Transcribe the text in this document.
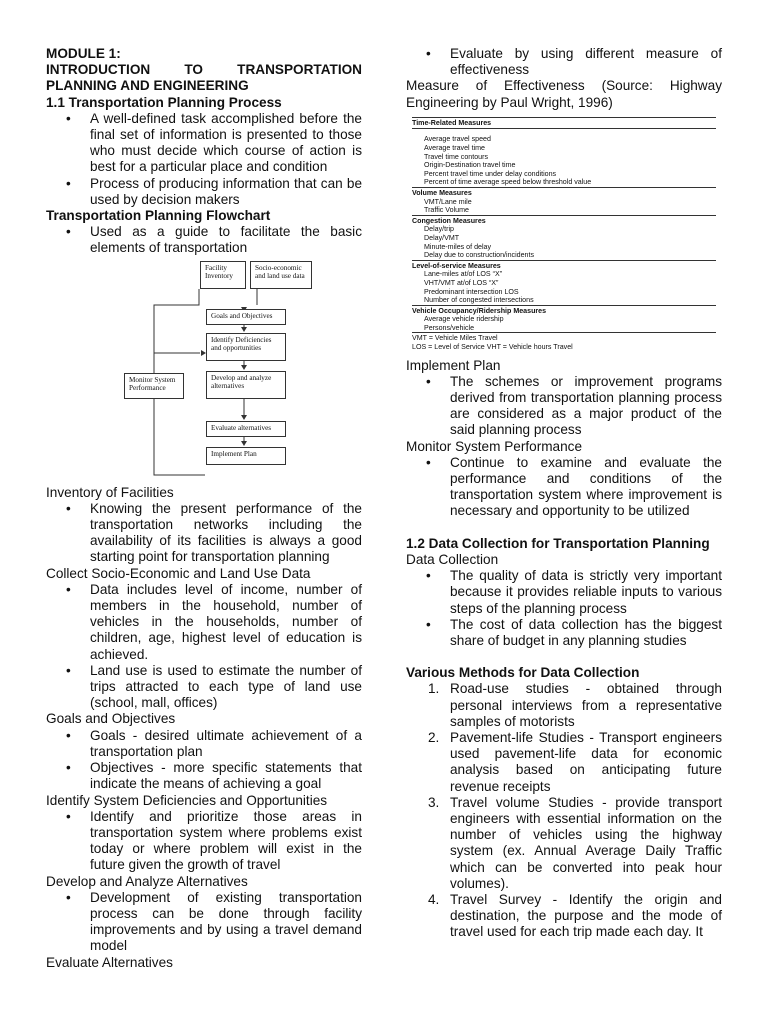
MODULE 1:
INTRODUCTION TO TRANSPORTATION
PLANNING AND ENGINEERING
1.1 Transportation Planning Process
• A well-defined task accomplished before the final set of information is presented to those who must decide which course of action is best for a particular place and condition
• Process of producing information that can be used by decision makers
Transportation Planning Flowchart
• Used as a guide to facilitate the basic elements of transportation
Facility Inventory
Socio-economic and land use data
Goals and Objectives
Identify Deficiencies and opportunities
Develop and analyze alternatives
Evaluate alternatives
Implement Plan
Monitor System Performance
Inventory of Facilities
• Knowing the present performance of the transportation networks including the availability of its facilities is always a good starting point for transportation planning
Collect Socio-Economic and Land Use Data
• Data includes level of income, number of members in the household, number of vehicles in the households, number of children, age, highest level of education is achieved.
• Land use is used to estimate the number of trips attracted to each type of land use (school, mall, offices)
Goals and Objectives
• Goals - desired ultimate achievement of a transportation plan
• Objectives - more specific statements that indicate the means of achieving a goal
Identify System Deficiencies and Opportunities
• Identify and prioritize those areas in transportation system where problems exist today or where problem will exist in the future given the growth of travel
Develop and Analyze Alternatives
• Development of existing transportation process can be done through facility improvements and by using a travel demand model
Evaluate Alternatives
• Evaluate by using different measure of effectiveness
Measure of Effectiveness (Source: Highway Engineering by Paul Wright, 1996)
Time-Related Measures
Average travel speed
Average travel time
Travel time contours
Origin-Destination travel time
Percent travel time under delay conditions
Percent of time average speed below threshold value
Volume Measures
VMT/Lane mile
Traffic Volume
Congestion Measures
Delay/trip
Delay/VMT
Minute-miles of delay
Delay due to construction/incidents
Level-of-service Measures
Lane-miles at/of LOS “X”
VHT/VMT at/of LOS “X”
Predominant intersection LOS
Number of congested intersections
Vehicle Occupancy/Ridership Measures
Average vehicle ridership
Persons/vehicle
VMT = Vehicle Miles Travel
LOS = Level of Service VHT = Vehicle hours Travel
Implement Plan
• The schemes or improvement programs derived from transportation planning process are considered as a major product of the said planning process
Monitor System Performance
• Continue to examine and evaluate the performance and conditions of the transportation system where improvement is necessary and opportunity to be utilized
1.2 Data Collection for Transportation Planning
Data Collection
• The quality of data is strictly very important because it provides reliable inputs to various steps of the planning process
• The cost of data collection has the biggest share of budget in any planning studies
Various Methods for Data Collection
1. Road-use studies - obtained through personal interviews from a representative samples of motorists
2. Pavement-life Studies - Transport engineers used pavement-life data for economic analysis based on anticipating future revenue receipts
3. Travel volume Studies - provide transport engineers with essential information on the number of vehicles using the highway system (ex. Annual Average Daily Traffic which can be converted into peak hour volumes).
4. Travel Survey - Identify the origin and destination, the purpose and the mode of travel used for each trip made each day. It
